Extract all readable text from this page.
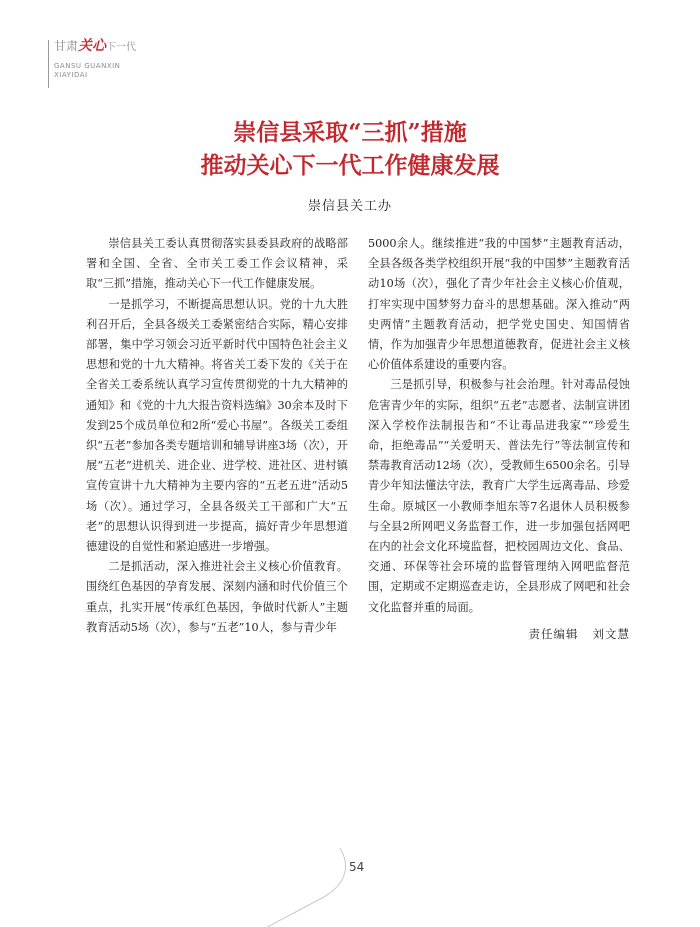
甘肃关心下一代
GANSU GUANXIN
XIAYIDAI
崇信县采取“三抓”措施
推动关心下一代工作健康发展
崇信县关工办

崇信县关工委认真贯彻落实县委县政府的战略部署和全国、全省、全市关工委工作会议精神，采取“三抓”措施，推动关心下一代工作健康发展。

一是抓学习，不断提高思想认识。党的十九大胜利召开后，全县各级关工委紧密结合实际，精心安排部署，集中学习领会习近平新时代中国特色社会主义思想和党的十九大精神。将省关工委下发的《关于在全省关工委系统认真学习宣传贯彻党的十九大精神的通知》和《党的十九大报告资料选编》30余本及时下发到25个成员单位和2所“爱心书屋”。各级关工委组织“五老”参加各类专题培训和辅导讲座3场（次），开展“五老”进机关、进企业、进学校、进社区、进村镇宣传宣讲十九大精神为主要内容的“五老五进”活动5场（次）。通过学习，全县各级关工干部和广大“五老”的思想认识得到进一步提高，搞好青少年思想道德建设的自觉性和紧迫感进一步增强。

二是抓活动，深入推进社会主义核心价值教育。围绕红色基因的孕育发展、深刻内涵和时代价值三个重点，扎实开展“传承红色基因，争做时代新人”主题教育活动5场（次），参与“五老”10人，参与青少年

5000余人。继续推进“我的中国梦”主题教育活动，全县各级各类学校组织开展“我的中国梦”主题教育活动10场（次），强化了青少年社会主义核心价值观，打牢实现中国梦努力奋斗的思想基础。深入推动“两史两情”主题教育活动，把学党史国史、知国情省情，作为加强青少年思想道德教育，促进社会主义核心价值体系建设的重要内容。

三是抓引导，积极参与社会治理。针对毒品侵蚀危害青少年的实际，组织“五老”志愿者、法制宣讲团深入学校作法制报告和“不让毒品进我家”“珍爱生命，拒绝毒品”“关爱明天、普法先行”等法制宣传和禁毒教育活动12场（次），受教师生6500余名。引导青少年知法懂法守法，教育广大学生远离毒品、珍爱生命。原城区一小教师李旭东等7名退休人员积极参与全县2所网吧义务监督工作，进一步加强包括网吧在内的社会文化环境监督，把校园周边文化、食品、交通、环保等社会环境的监督管理纳入网吧监督范围，定期或不定期巡查走访，全县形成了网吧和社会文化监督并重的局面。

责任编辑 刘文慧
54
